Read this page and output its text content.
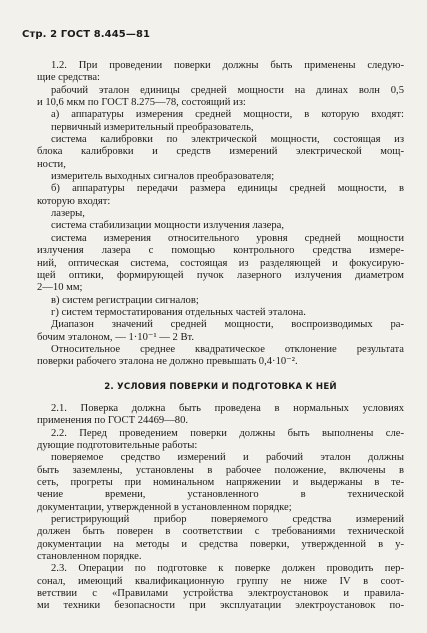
Стр. 2 ГОСТ 8.445—81
1.2. При проведении поверки должны быть применены следую-
щие средства:
рабочий эталон единицы средней мощности на длинах волн 0,5
и 10,6 мкм по ГОСТ 8.275—78, состоящий из:
а) аппаратуры измерения средней мощности, в которую входят:
первичный измерительный преобразователь,
система калибровки по электрической мощности, состоящая из
блока калибровки и средств измерений электрической мощ-
ности,
измеритель выходных сигналов преобразователя;
б) аппаратуры передачи размера единицы средней мощности, в
которую входят:
лазеры,
система стабилизации мощности излучения лазера,
система измерения относительного уровня средней мощности
излучения лазера с помощью контрольного средства измере-
ний, оптическая система, состоящая из разделяющей и фокусирую-
щей оптики, формирующей пучок лазерного излучения диаметром
2—10 мм;
в) систем регистрации сигналов;
г) систем термостатирования отдельных частей эталона.
Диапазон значений средней мощности, воспроизводимых ра-
бочим эталоном, — 1·10⁻¹ — 2 Вт.
Относительное среднее квадратическое отклонение результата
поверки рабочего эталона не должно превышать 0,4·10⁻².
2. УСЛОВИЯ ПОВЕРКИ И ПОДГОТОВКА К НЕЙ
2.1. Поверка должна быть проведена в нормальных условиях
применения по ГОСТ 24469—80.
2.2. Перед проведением поверки должны быть выполнены сле-
дующие подготовительные работы:
поверяемое средство измерений и рабочий эталон должны
быть заземлены, установлены в рабочее положение, включены в
сеть, прогреты при номинальном напряжении и выдержаны в те-
чение времени, установленного в технической
документации, утвержденной в установленном порядке;
регистрирующий прибор поверяемого средства измерений
должен быть поверен в соответствии с требованиями технической
документации на методы и средства поверки, утвержденной в у-
становленном порядке.
2.3. Операции по подготовке к поверке должен проводить пер-
сонал, имеющий квалификационную группу не ниже IV в соот-
ветствии с «Правилами устройства электроустановок и правила-
ми техники безопасности при эксплуатации электроустановок по-
